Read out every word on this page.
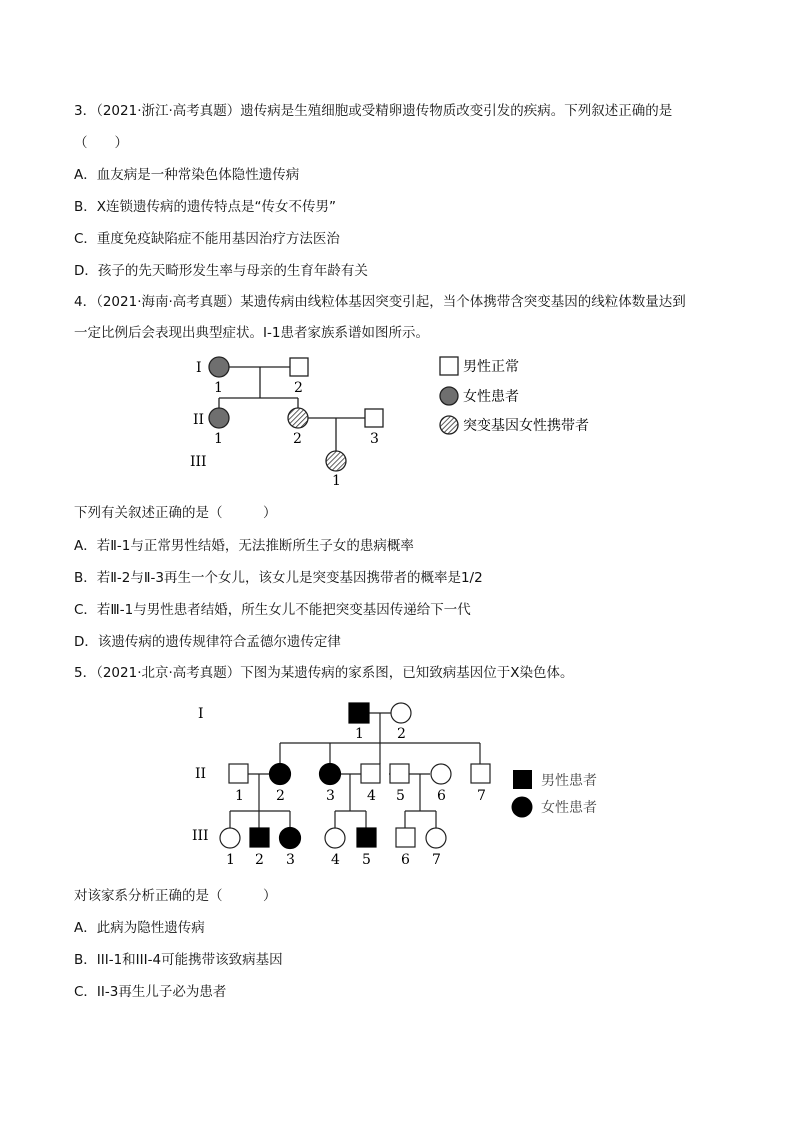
3．（2021·浙江·高考真题）遗传病是生殖细胞或受精卵遗传物质改变引发的疾病。下列叙述正确的是
（　　）
A．血友病是一种常染色体隐性遗传病
B．X连锁遗传病的遗传特点是“传女不传男”
C．重度免疫缺陷症不能用基因治疗方法医治
D．孩子的先天畸形发生率与母亲的生育年龄有关
4．（2021·海南·高考真题）某遗传病由线粒体基因突变引起，当个体携带含突变基因的线粒体数量达到
一定比例后会表现出典型症状。Ⅰ-1患者家族系谱如图所示。
I
II
III
1	2
1	2	3
1
男性正常
女性患者
突变基因女性携带者
I
II
III
1 2
1 2	3 4 5 6 7
1 2 3	4 5 6 7
男性患者
女性患者
下列有关叙述正确的是（　　　）
A．若Ⅱ-1与正常男性结婚，无法推断所生子女的患病概率
B．若Ⅱ-2与Ⅱ-3再生一个女儿，该女儿是突变基因携带者的概率是1/2
C．若Ⅲ-1与男性患者结婚，所生女儿不能把突变基因传递给下一代
D．该遗传病的遗传规律符合孟德尔遗传定律
5．（2021·北京·高考真题）下图为某遗传病的家系图，已知致病基因位于X染色体。
对该家系分析正确的是（　　　）
A．此病为隐性遗传病
B．III-1和III-4可能携带该致病基因
C．II-3再生儿子必为患者
